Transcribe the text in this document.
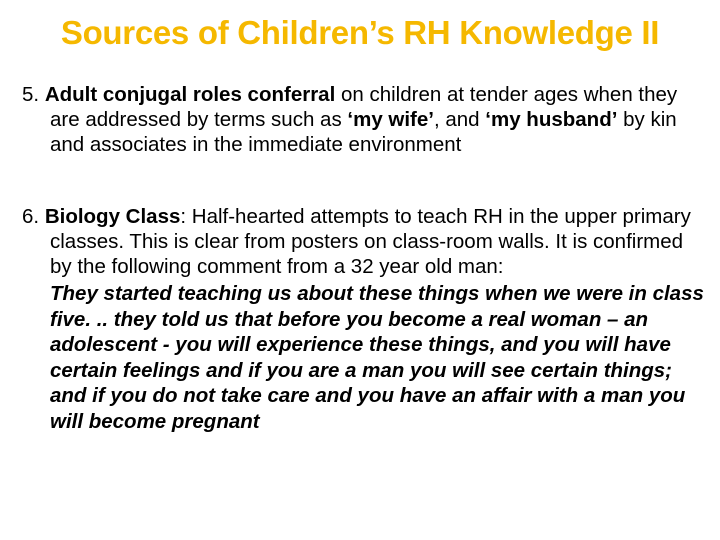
Sources of Children’s RH Knowledge II
5. Adult conjugal roles conferral on children at tender ages when they are addressed by terms such as ‘my wife’, and ‘my husband’ by kin and associates in the immediate environment
6. Biology Class: Half-hearted attempts to teach RH in the upper primary classes. This is clear from posters on class-room walls. It is confirmed by the following comment from a 32 year old man:
They started teaching us about these things when we were in class five. .. they told us that before you become a real woman – an adolescent - you will experience these things, and you will have certain feelings and if you are a man you will see certain things; and if you do not take care and you have an affair with a man you will become pregnant
